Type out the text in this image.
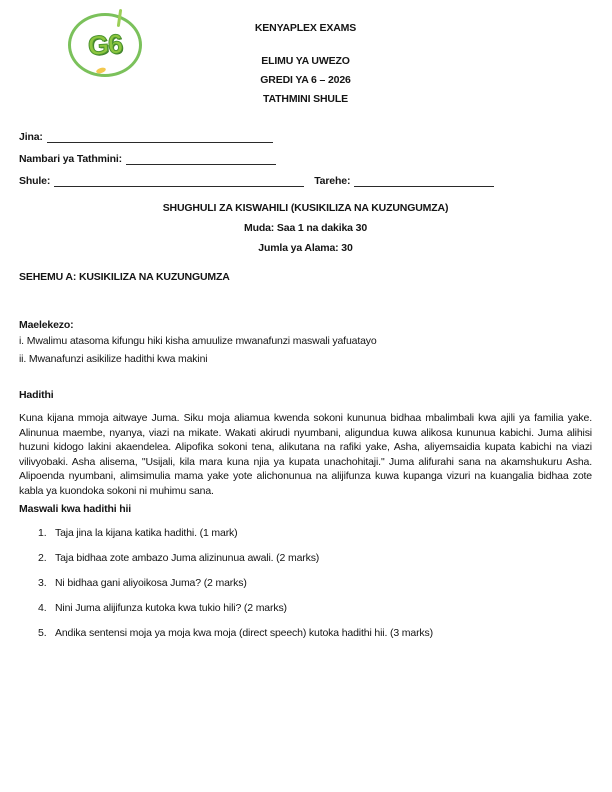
G6
KENYAPLEX EXAMS
ELIMU YA UWEZO
GREDI YA 6 – 2026
TATHMINI SHULE
Jina:
Nambari ya Tathmini:
Shule:	Tarehe:
SHUGHULI ZA KISWAHILI (KUSIKILIZA NA KUZUNGUMZA)
Muda: Saa 1 na dakika 30
Jumla ya Alama: 30
SEHEMU A: KUSIKILIZA NA KUZUNGUMZA
Maelekezo:
i. Mwalimu atasoma kifungu hiki kisha amuulize mwanafunzi maswali yafuatayo
ii. Mwanafunzi asikilize hadithi kwa makini
Hadithi
Kuna kijana mmoja aitwaye Juma. Siku moja aliamua kwenda sokoni kununua bidhaa mbalimbali kwa ajili ya familia yake. Alinunua maembe, nyanya, viazi na mikate. Wakati akirudi nyumbani, aligundua kuwa alikosa kununua kabichi. Juma alihisi huzuni kidogo lakini akaendelea. Alipofika sokoni tena, alikutana na rafiki yake, Asha, aliyemsaidia kupata kabichi na viazi vilivyobaki. Asha alisema, "Usijali, kila mara kuna njia ya kupata unachohitaji." Juma alifurahi sana na akamshukuru Asha. Alipoenda nyumbani, alimsimulia mama yake yote alichonunua na alijifunza kuwa kupanga vizuri na kuangalia bidhaa zote kabla ya kuondoka sokoni ni muhimu sana.
Maswali kwa hadithi hii
1. Taja jina la kijana katika hadithi. (1 mark)
2. Taja bidhaa zote ambazo Juma alizinunua awali. (2 marks)
3. Ni bidhaa gani aliyoikosa Juma? (2 marks)
4. Nini Juma alijifunza kutoka kwa tukio hili? (2 marks)
5. Andika sentensi moja ya moja kwa moja (direct speech) kutoka hadithi hii. (3 marks)
